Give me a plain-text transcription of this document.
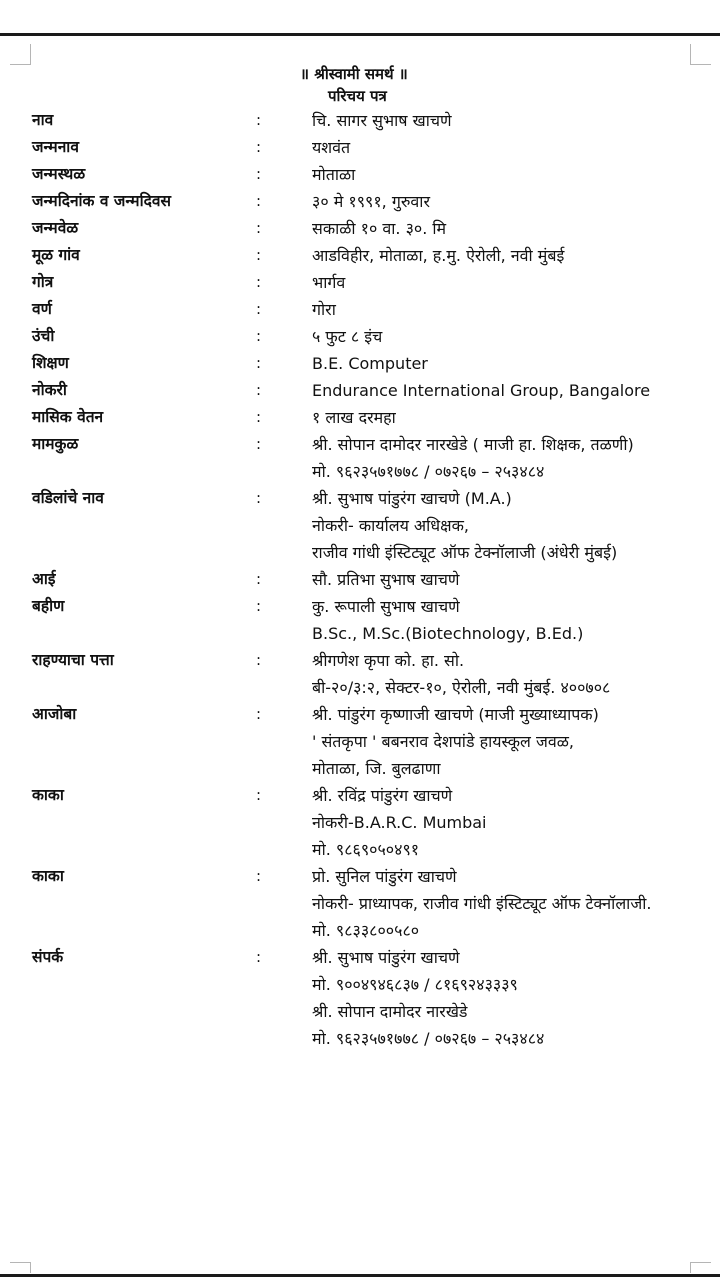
॥ श्रीस्वामी समर्थ ॥
परिचय पत्र
नाव	:	चि. सागर सुभाष खाचणे
जन्मनाव	:	यशवंत
जन्मस्थळ	:	मोताळा
जन्मदिनांक व जन्मदिवस	:	३० मे १९९१, गुरुवार
जन्मवेळ	:	सकाळी १० वा. ३०. मि
मूळ गांव	:	आडविहीर, मोताळा, ह.मु. ऐरोली, नवी मुंबई
गोत्र	:	भार्गव
वर्ण	:	गोरा
उंची	:	५ फुट ८ इंच
शिक्षण	:	B.E. Computer
नोकरी	:	Endurance International Group, Bangalore
मासिक वेतन	:	१ लाख दरमहा
मामकुळ	:	श्री. सोपान दामोदर नारखेडे ( माजी हा. शिक्षक, तळणी)
मो. ९६२३५७१७७८ / ०७२६७ – २५३४८४
वडिलांचे नाव	:	श्री. सुभाष पांडुरंग खाचणे (M.A.)
नोकरी- कार्यालय अधिक्षक,
राजीव गांधी इंस्टिट्यूट ऑफ टेक्नॉलाजी (अंधेरी मुंबई)
आई	:	सौ. प्रतिभा सुभाष खाचणे
बहीण	:	कु. रूपाली सुभाष खाचणे
B.Sc., M.Sc.(Biotechnology, B.Ed.)
राहण्याचा पत्ता	:	श्रीगणेश कृपा को. हा. सो.
बी-२०/३:२, सेक्टर-१०, ऐरोली, नवी मुंबई. ४००७०८
आजोबा	:	श्री. पांडुरंग कृष्णाजी खाचणे (माजी मुख्याध्यापक)
' संतकृपा ' बबनराव देशपांडे हायस्कूल जवळ,
मोताळा, जि. बुलढाणा
काका	:	श्री. रविंद्र पांडुरंग खाचणे
नोकरी-B.A.R.C. Mumbai
मो. ९८६९०५०४९१
काका	:	प्रो. सुनिल पांडुरंग खाचणे
नोकरी- प्राध्यापक, राजीव गांधी इंस्टिट्यूट ऑफ टेक्नॉलाजी.
मो. ९८३३८००५८०
संपर्क	:	श्री. सुभाष पांडुरंग खाचणे
मो. ९००४९४६८३७ / ८१६९२४३३३९
श्री. सोपान दामोदर नारखेडे
मो. ९६२३५७१७७८ / ०७२६७ – २५३४८४
